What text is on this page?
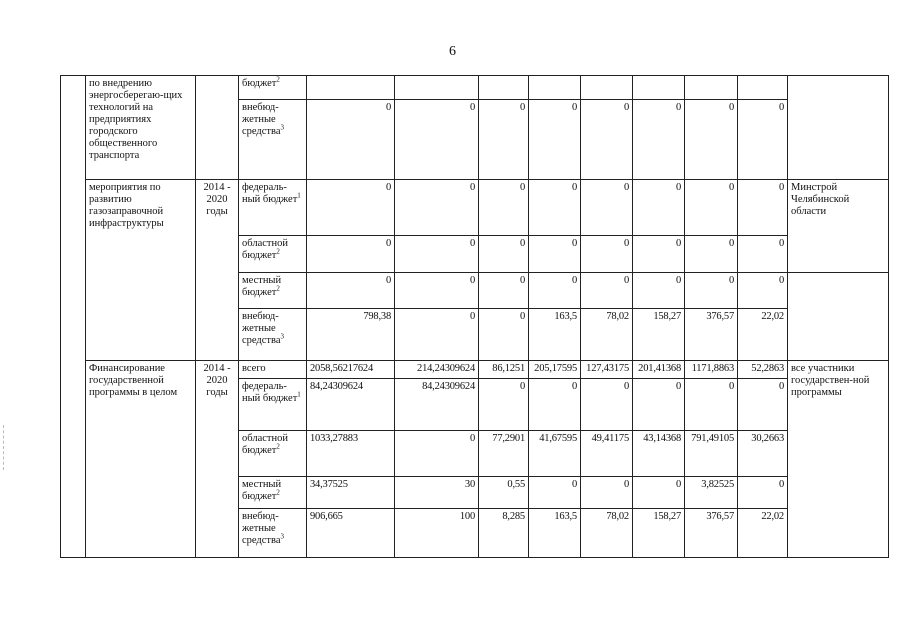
6
	по внедрению энергосберегаю-щих технологий на предприятиях городского общественного транспорта		бюджет$^2$									
			внебюд-жетные средства$^3$	0	0	0	0	0	0	0	0	
	мероприятия по развитию газозаправочной инфраструктуры	2014 - 2020 годы	федераль-ный бюджет$^1$	0	0	0	0	0	0	0	0	Минстрой Челябинской области
			областной бюджет$^2$	0	0	0	0	0	0	0	0	
			местный бюджет$^2$	0	0	0	0	0	0	0	0	
			внебюд-жетные средства$^3$	798,38	0	0	163,5	78,02	158,27	376,57	22,02	
	Финансирование государственной программы в целом	2014 - 2020 годы	всего	2058,56217624	214,24309624	86,1251	205,17595	127,43175	201,41368	1171,8863	52,2863	все участники государствен-ной программы
			федераль-ный бюджет$^1$	84,24309624	84,24309624	0	0	0	0	0	0	
			областной бюджет$^2$	1033,27883	0	77,2901	41,67595	49,41175	43,14368	791,49105	30,2663	
			местный бюджет$^2$	34,37525	30	0,55	0	0	0	3,82525	0	
			внебюд-жетные средства$^3$	906,665	100	8,285	163,5	78,02	158,27	376,57	22,02	
